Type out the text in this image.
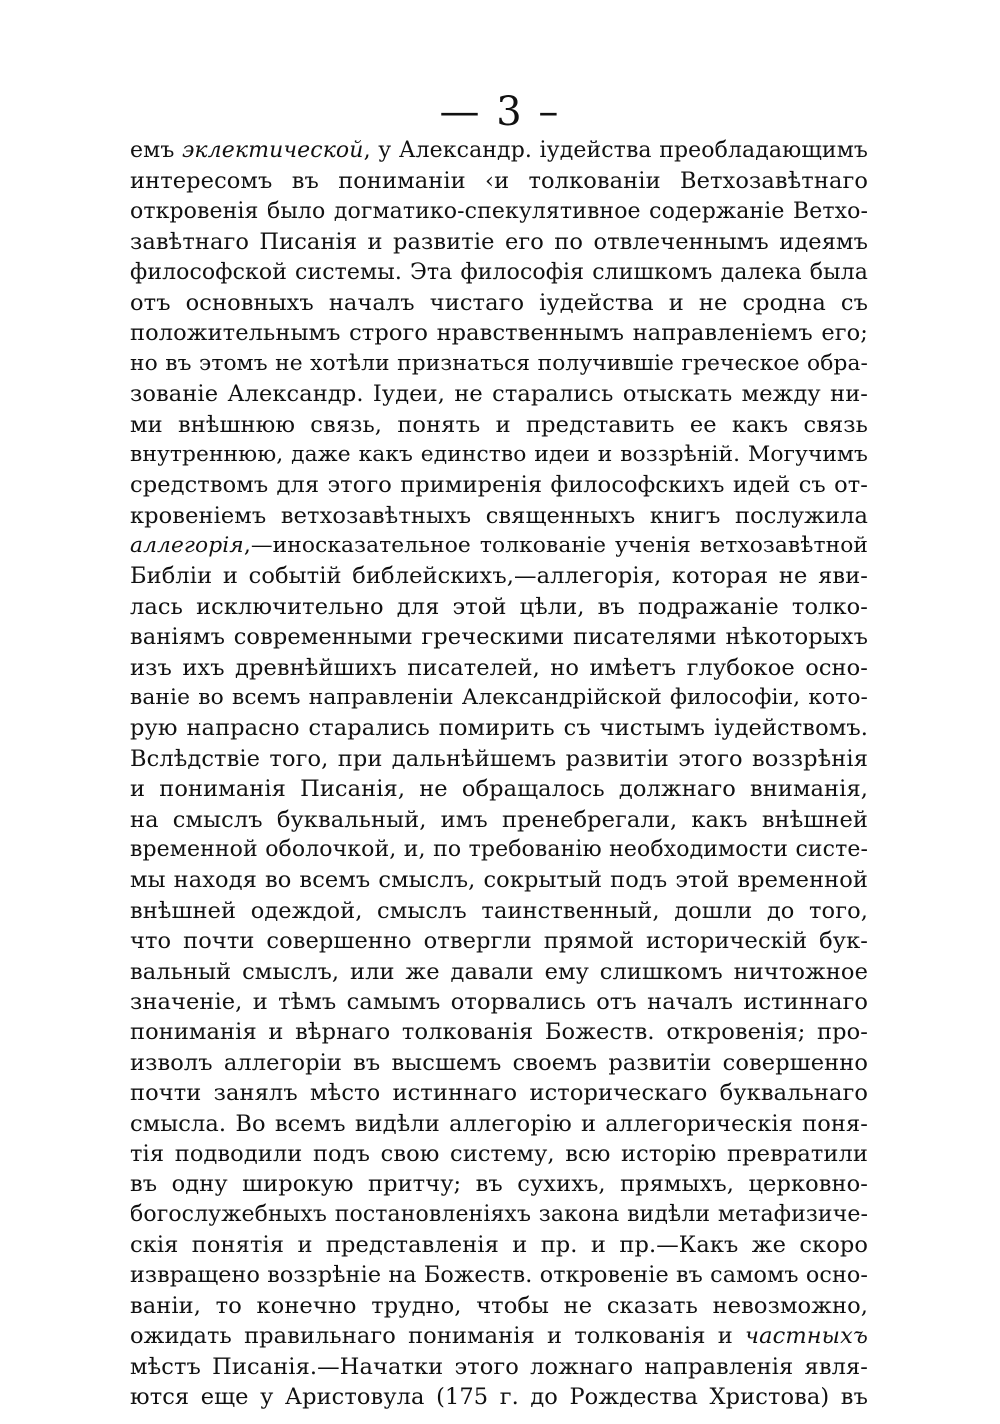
— 3 –
емъ эклектической, у Александр. іудейства преобладающимъ
интересомъ въ пониманіи ‹и толкованіи Ветхозавѣтнаго
откровенія было догматико-спекулятивное содержаніе Ветхо-
завѣтнаго Писанія и развитіе его по отвлеченнымъ идеямъ
философской системы. Эта философія слишкомъ далека была
отъ основныхъ началъ чистаго іудейства и не сродна съ
положительнымъ строго нравственнымъ направленіемъ его;
но въ этомъ не хотѣли признаться получившіе греческое обра-
зованіе Александр. Іудеи, не старались отыскать между ни-
ми внѣшнюю связь, понять и представить ее какъ связь
внутреннюю, даже какъ единство идеи и воззрѣній. Могучимъ
средствомъ для этого примиренія философскихъ идей съ от-
кровеніемъ ветхозавѣтныхъ священныхъ книгъ послужила
аллегорія,—иносказательное толкованіе ученія ветхозавѣтной
Библіи и событій библейскихъ,—аллегорія, которая не яви-
лась исключительно для этой цѣли, въ подражаніе толко-
ваніямъ современными греческими писателями нѣкоторыхъ
изъ ихъ древнѣйшихъ писателей, но имѣетъ глубокое осно-
ваніе во всемъ направленіи Александрійской философіи, кото-
рую напрасно старались помирить съ чистымъ іудействомъ.
Вслѣдствіе того, при дальнѣйшемъ развитіи этого воззрѣнія
и пониманія Писанія, не обращалось должнаго вниманія,
на смыслъ буквальный, имъ пренебрегали, какъ внѣшней
временной оболочкой, и, по требованію необходимости систе-
мы находя во всемъ смыслъ, сокрытый подъ этой временной
внѣшней одеждой, смыслъ таинственный, дошли до того,
что почти совершенно отвергли прямой историческій бук-
вальный смыслъ, или же давали ему слишкомъ ничтожное
значеніе, и тѣмъ самымъ оторвались отъ началъ истиннаго
пониманія и вѣрнаго толкованія Божеств. откровенія; про-
изволъ аллегоріи въ высшемъ своемъ развитіи совершенно
почти занялъ мѣсто истиннаго историческаго буквальнаго
смысла. Во всемъ видѣли аллегорію и аллегорическія поня-
тія подводили подъ свою систему, всю исторію превратили
въ одну широкую притчу; въ сухихъ, прямыхъ, церковно-
богослужебныхъ постановленіяхъ закона видѣли метафизиче-
скія понятія и представленія и пр. и пр.—Какъ же скоро
извращено воззрѣніе на Божеств. откровеніе въ самомъ осно-
ваніи, то конечно трудно, чтобы не сказать невозможно,
ожидать правильнаго пониманія и толкованія и частныхъ
мѣстъ Писанія.—Начатки этого ложнаго направленія явля-
ются еще у Аристовула (175 г. до Рождества Христова) въ
